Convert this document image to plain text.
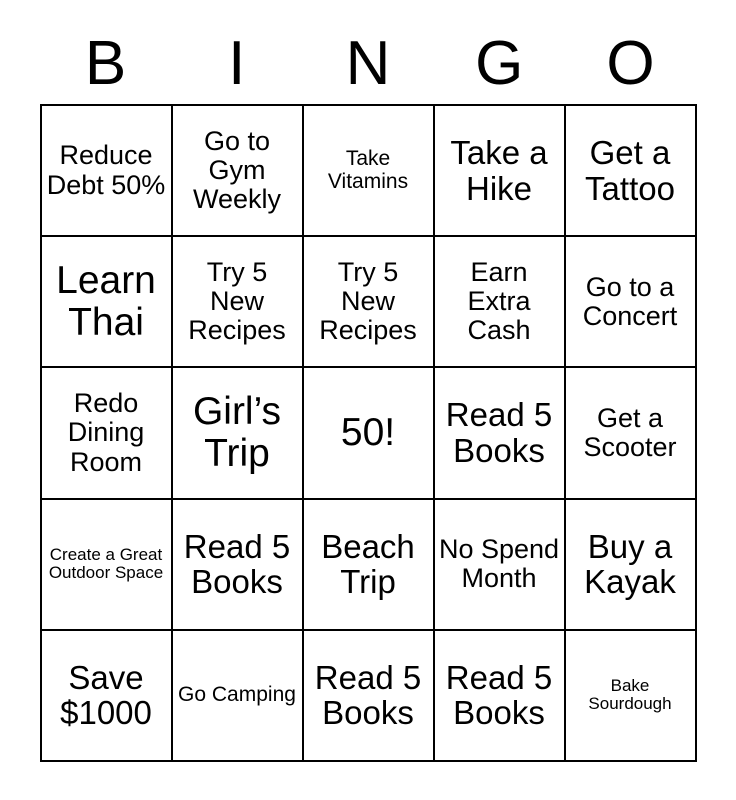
B	I	N	G	O
Reduce Debt 50%	Go to Gym Weekly	Take Vitamins	Take a Hike	Get a Tattoo
Learn Thai	Try 5 New Recipes	Try 5 New Recipes	Earn Extra Cash	Go to a Concert
Redo Dining Room	Girl’s Trip	50!	Read 5 Books	Get a Scooter
Create a Great Outdoor Space	Read 5 Books	Beach Trip	No Spend Month	Buy a Kayak
Save $1000	Go Camping	Read 5 Books	Read 5 Books	Bake Sourdough
